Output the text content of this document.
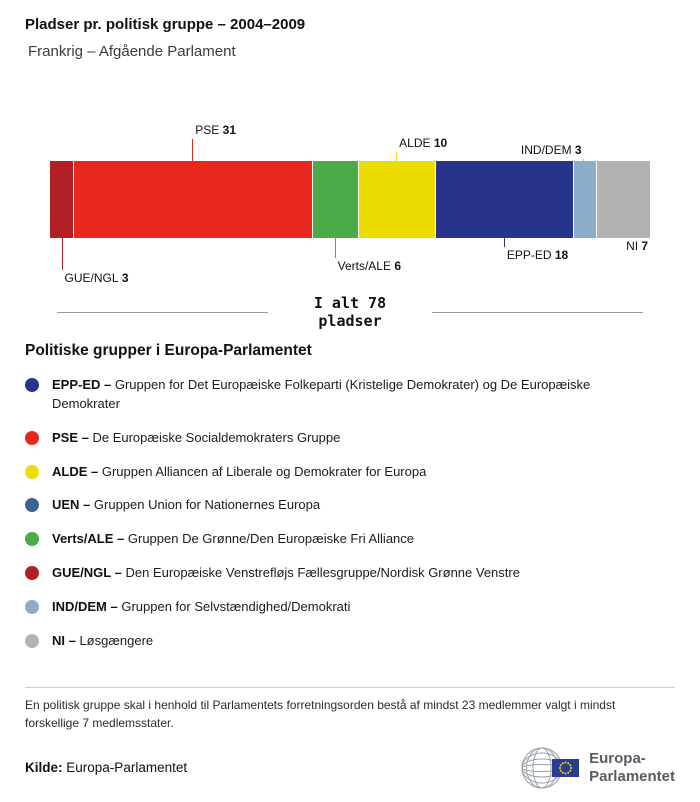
Pladser pr. politisk gruppe – 2004–2009
Frankrig – Afgående Parlament
GUE/NGL 3
PSE 31
Verts/ALE 6
ALDE 10
EPP-ED 18
IND/DEM 3
NI 7
I alt 78
pladser
Politiske grupper i Europa-Parlamentet
EPP-ED – Gruppen for Det Europæiske Folkeparti (Kristelige Demokrater) og De Europæiske Demokrater
PSE – De Europæiske Socialdemokraters Gruppe
ALDE – Gruppen Alliancen af Liberale og Demokrater for Europa
UEN – Gruppen Union for Nationernes Europa
Verts/ALE – Gruppen De Grønne/Den Europæiske Fri Alliance
GUE/NGL – Den Europæiske Venstrefløjs Fællesgruppe/Nordisk Grønne Venstre
IND/DEM – Gruppen for Selvstændighed/Demokrati
NI – Løsgængere
En politisk gruppe skal i henhold til Parlamentets forretningsorden bestå af mindst 23 medlemmer valgt i mindst forskellige 7 medlemsstater.
Kilde: Europa-Parlamentet
Europa-
Parlamentet
